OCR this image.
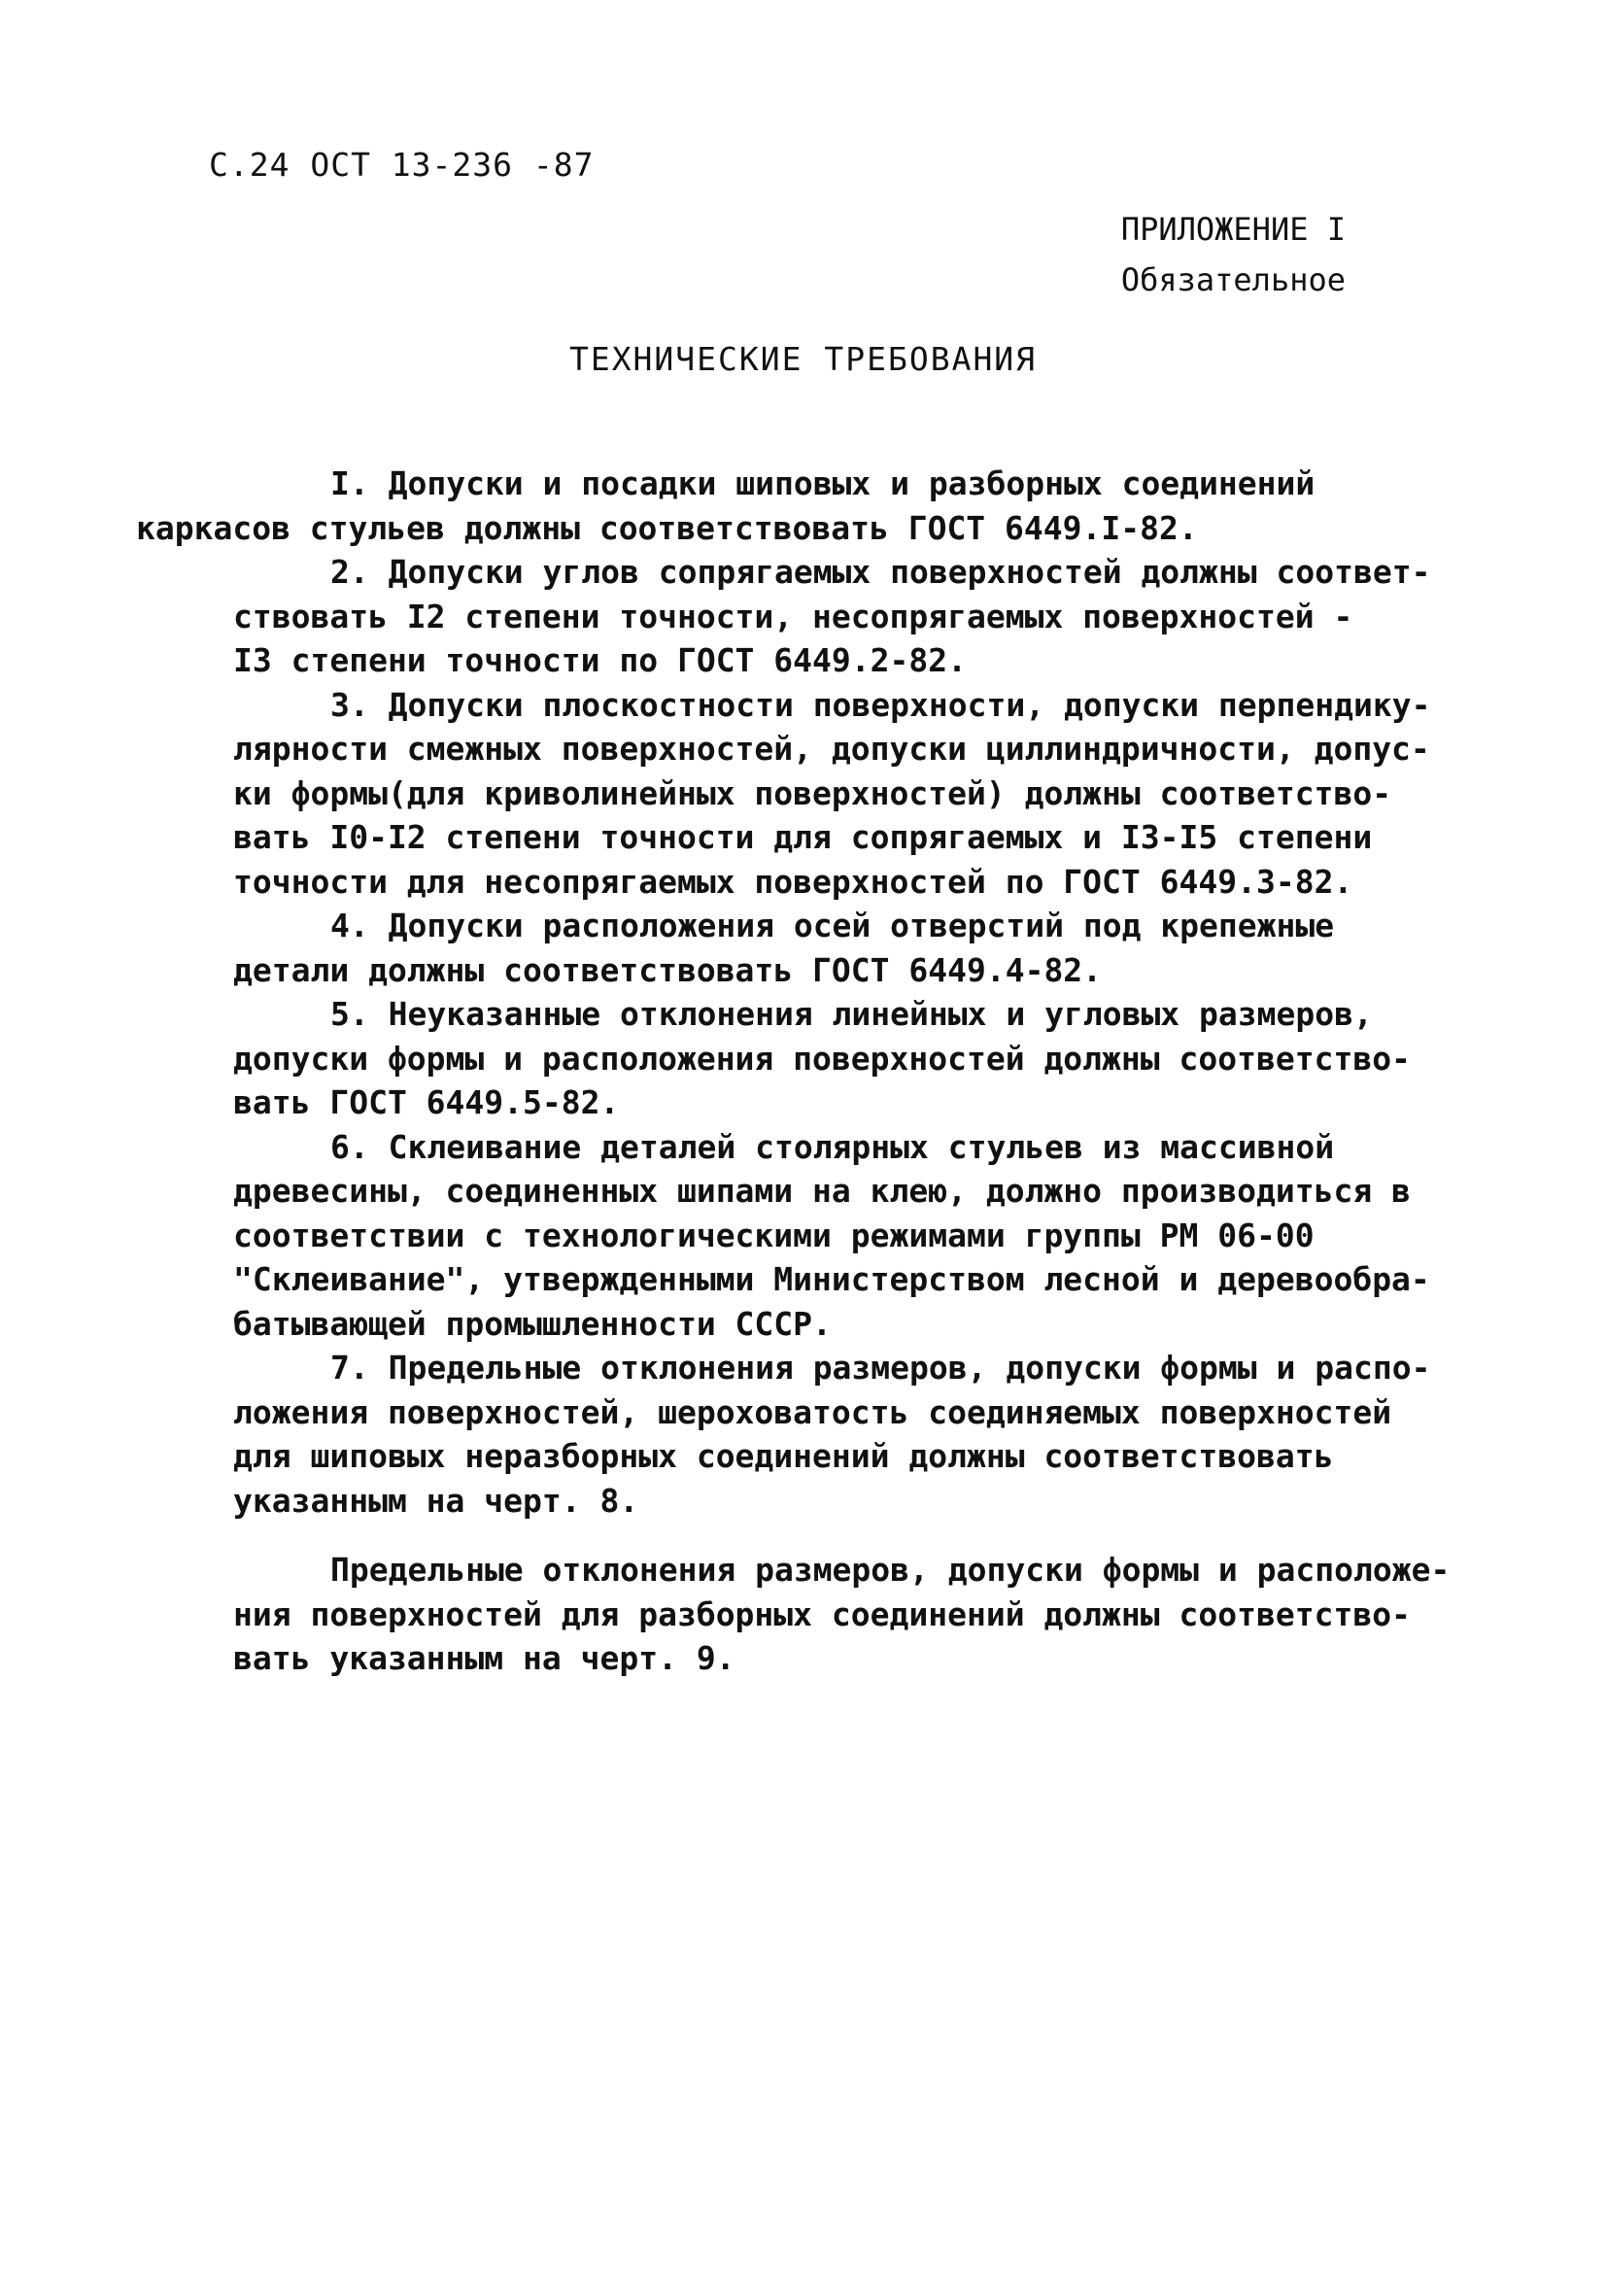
С.24 ОСТ 13-236 -87
ПРИЛОЖЕНИЕ I
Обязательное
ТЕХНИЧЕСКИЕ ТРЕБОВАНИЯ

I. Допуски и посадки шиповых и разборных соединений
каркасов стульев должны соответствовать ГОСТ 6449.I-82.

2. Допуски углов сопрягаемых поверхностей должны соответ-
ствовать I2 степени точности, несопрягаемых поверхностей -
I3 степени точности по ГОСТ 6449.2-82.

3. Допуски плоскостности поверхности, допуски перпендику-
лярности смежных поверхностей, допуски циллиндричности, допус-
ки формы(для криволинейных поверхностей) должны соответство-
вать I0-I2 степени точности для сопрягаемых и I3-I5 степени
точности для несопрягаемых поверхностей по ГОСТ 6449.3-82.

4. Допуски расположения осей отверстий под крепежные
детали должны соответствовать ГОСТ 6449.4-82.

5. Неуказанные отклонения линейных и угловых размеров,
допуски формы и расположения поверхностей должны соответство-
вать ГОСТ 6449.5-82.

6. Склеивание деталей столярных стульев из массивной
древесины, соединенных шипами на клею, должно производиться в
соответствии с технологическими режимами группы РМ 06-00
"Склеивание", утвержденными Министерством лесной и деревообра-
батывающей промышленности СССР.

7. Предельные отклонения размеров, допуски формы и распо-
ложения поверхностей, шероховатость соединяемых поверхностей
для шиповых неразборных соединений должны соответствовать
указанным на черт. 8.

Предельные отклонения размеров, допуски формы и расположе-
ния поверхностей для разборных соединений должны соответство-
вать указанным на черт. 9.
